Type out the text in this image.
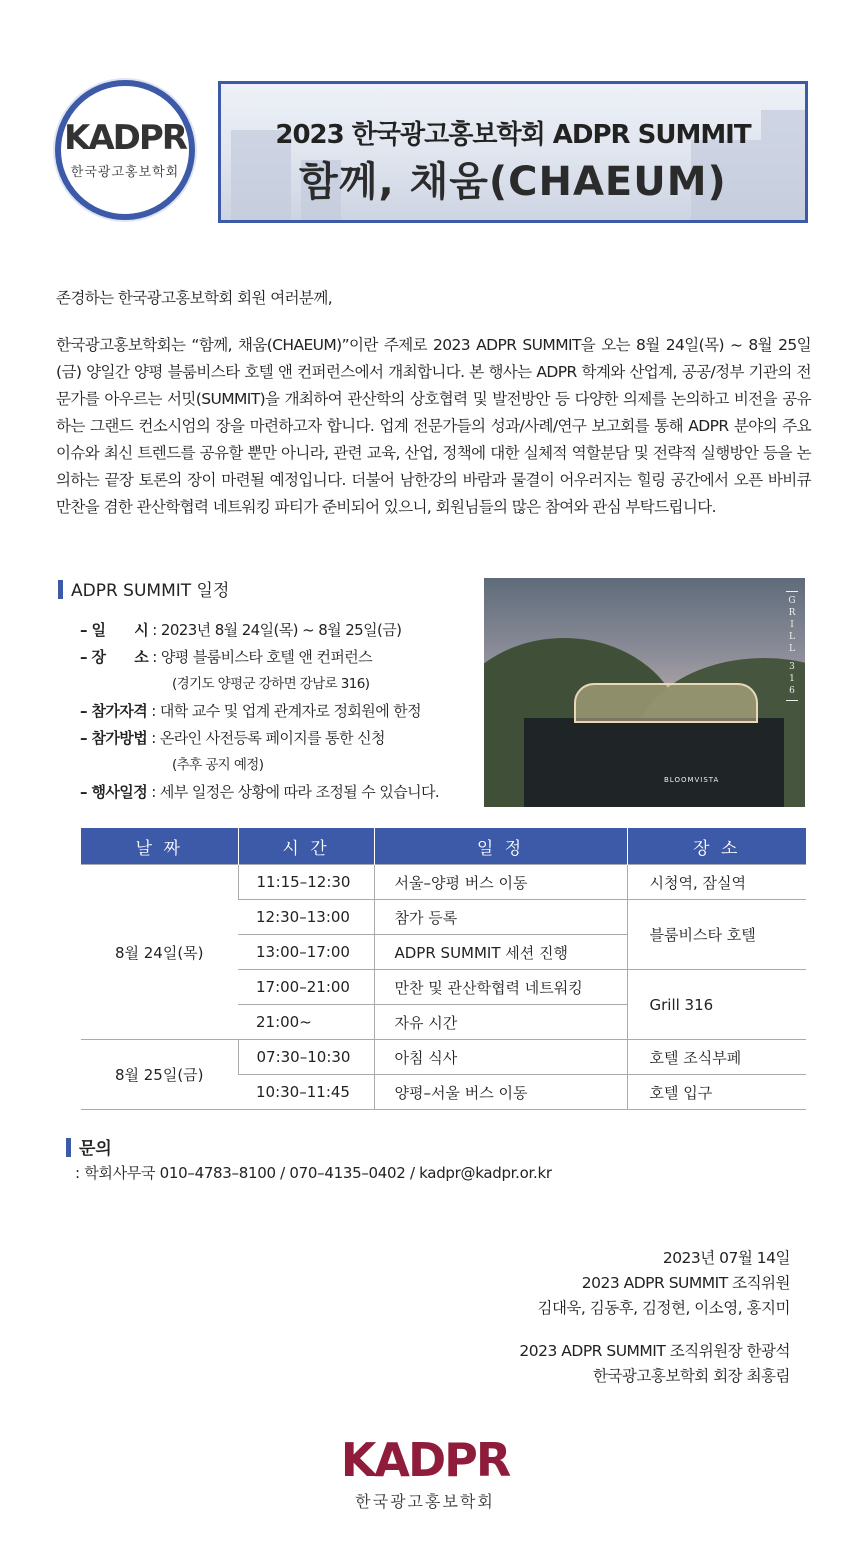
KADPR
한국광고홍보학회
2023 한국광고홍보학회 ADPR SUMMIT
함께, 채움(CHAEUM)
존경하는 한국광고홍보학회 회원 여러분께,
한국광고홍보학회는 “함께, 채움(CHAEUM)”이란 주제로 2023 ADPR SUMMIT을 오는 8월 24일(목) ~ 8월 25일(금) 양일간 양평 블룸비스타 호텔 앤 컨퍼런스에서 개최합니다. 본 행사는 ADPR 학계와 산업계, 공공/정부 기관의 전문가를 아우르는 서밋(SUMMIT)을 개최하여 관산학의 상호협력 및 발전방안 등 다양한 의제를 논의하고 비전을 공유하는 그랜드 컨소시엄의 장을 마련하고자 합니다. 업계 전문가들의 성과/사례/연구 보고회를 통해 ADPR 분야의 주요 이슈와 최신 트렌드를 공유할 뿐만 아니라, 관련 교육, 산업, 정책에 대한 실체적 역할분담 및 전략적 실행방안 등을 논의하는 끝장 토론의 장이 마련될 예정입니다. 더불어 남한강의 바람과 물결이 어우러지는 힐링 공간에서 오픈 바비큐 만찬을 겸한 관산학협력 네트워킹 파티가 준비되어 있으니, 회원님들의 많은 참여와 관심 부탁드립니다.
ADPR SUMMIT 일정
– 일　　시 : 2023년 8월 24일(목) ~ 8월 25일(금)
– 장　　소 : 양평 블룸비스타 호텔 앤 컨퍼런스
(경기도 양평군 강하면 강남로 316)
– 참가자격 : 대학 교수 및 업계 관계자로 정회원에 한정
– 참가방법 : 온라인 사전등록 페이지를 통한 신청
(추후 공지 예정)
– 행사일정 : 세부 일정은 상황에 따라 조정될 수 있습니다.
G
R
I
L
L
3
1
6
BLOOMVISTA
날 짜	시 간	일 정	장 소
8월 24일(목)	11:15–12:30	서울–양평 버스 이동	시청역, 잠실역
	12:30–13:00	참가 등록	블룸비스타 호텔
	13:00–17:00	ADPR SUMMIT 세션 진행	
	17:00–21:00	만찬 및 관산학협력 네트워킹	Grill 316
	21:00~	자유 시간	
8월 25일(금)	07:30–10:30	아침 식사	호텔 조식부페
	10:30–11:45	양평–서울 버스 이동	호텔 입구
문의
: 학회사무국 010–4783–8100 / 070–4135–0402 / kadpr@kadpr.or.kr
2023년 07월 14일
2023 ADPR SUMMIT 조직위원
김대욱, 김동후, 김정현, 이소영, 홍지미
2023 ADPR SUMMIT 조직위원장 한광석
한국광고홍보학회 회장 최홍림
KADPR
한국광고홍보학회
